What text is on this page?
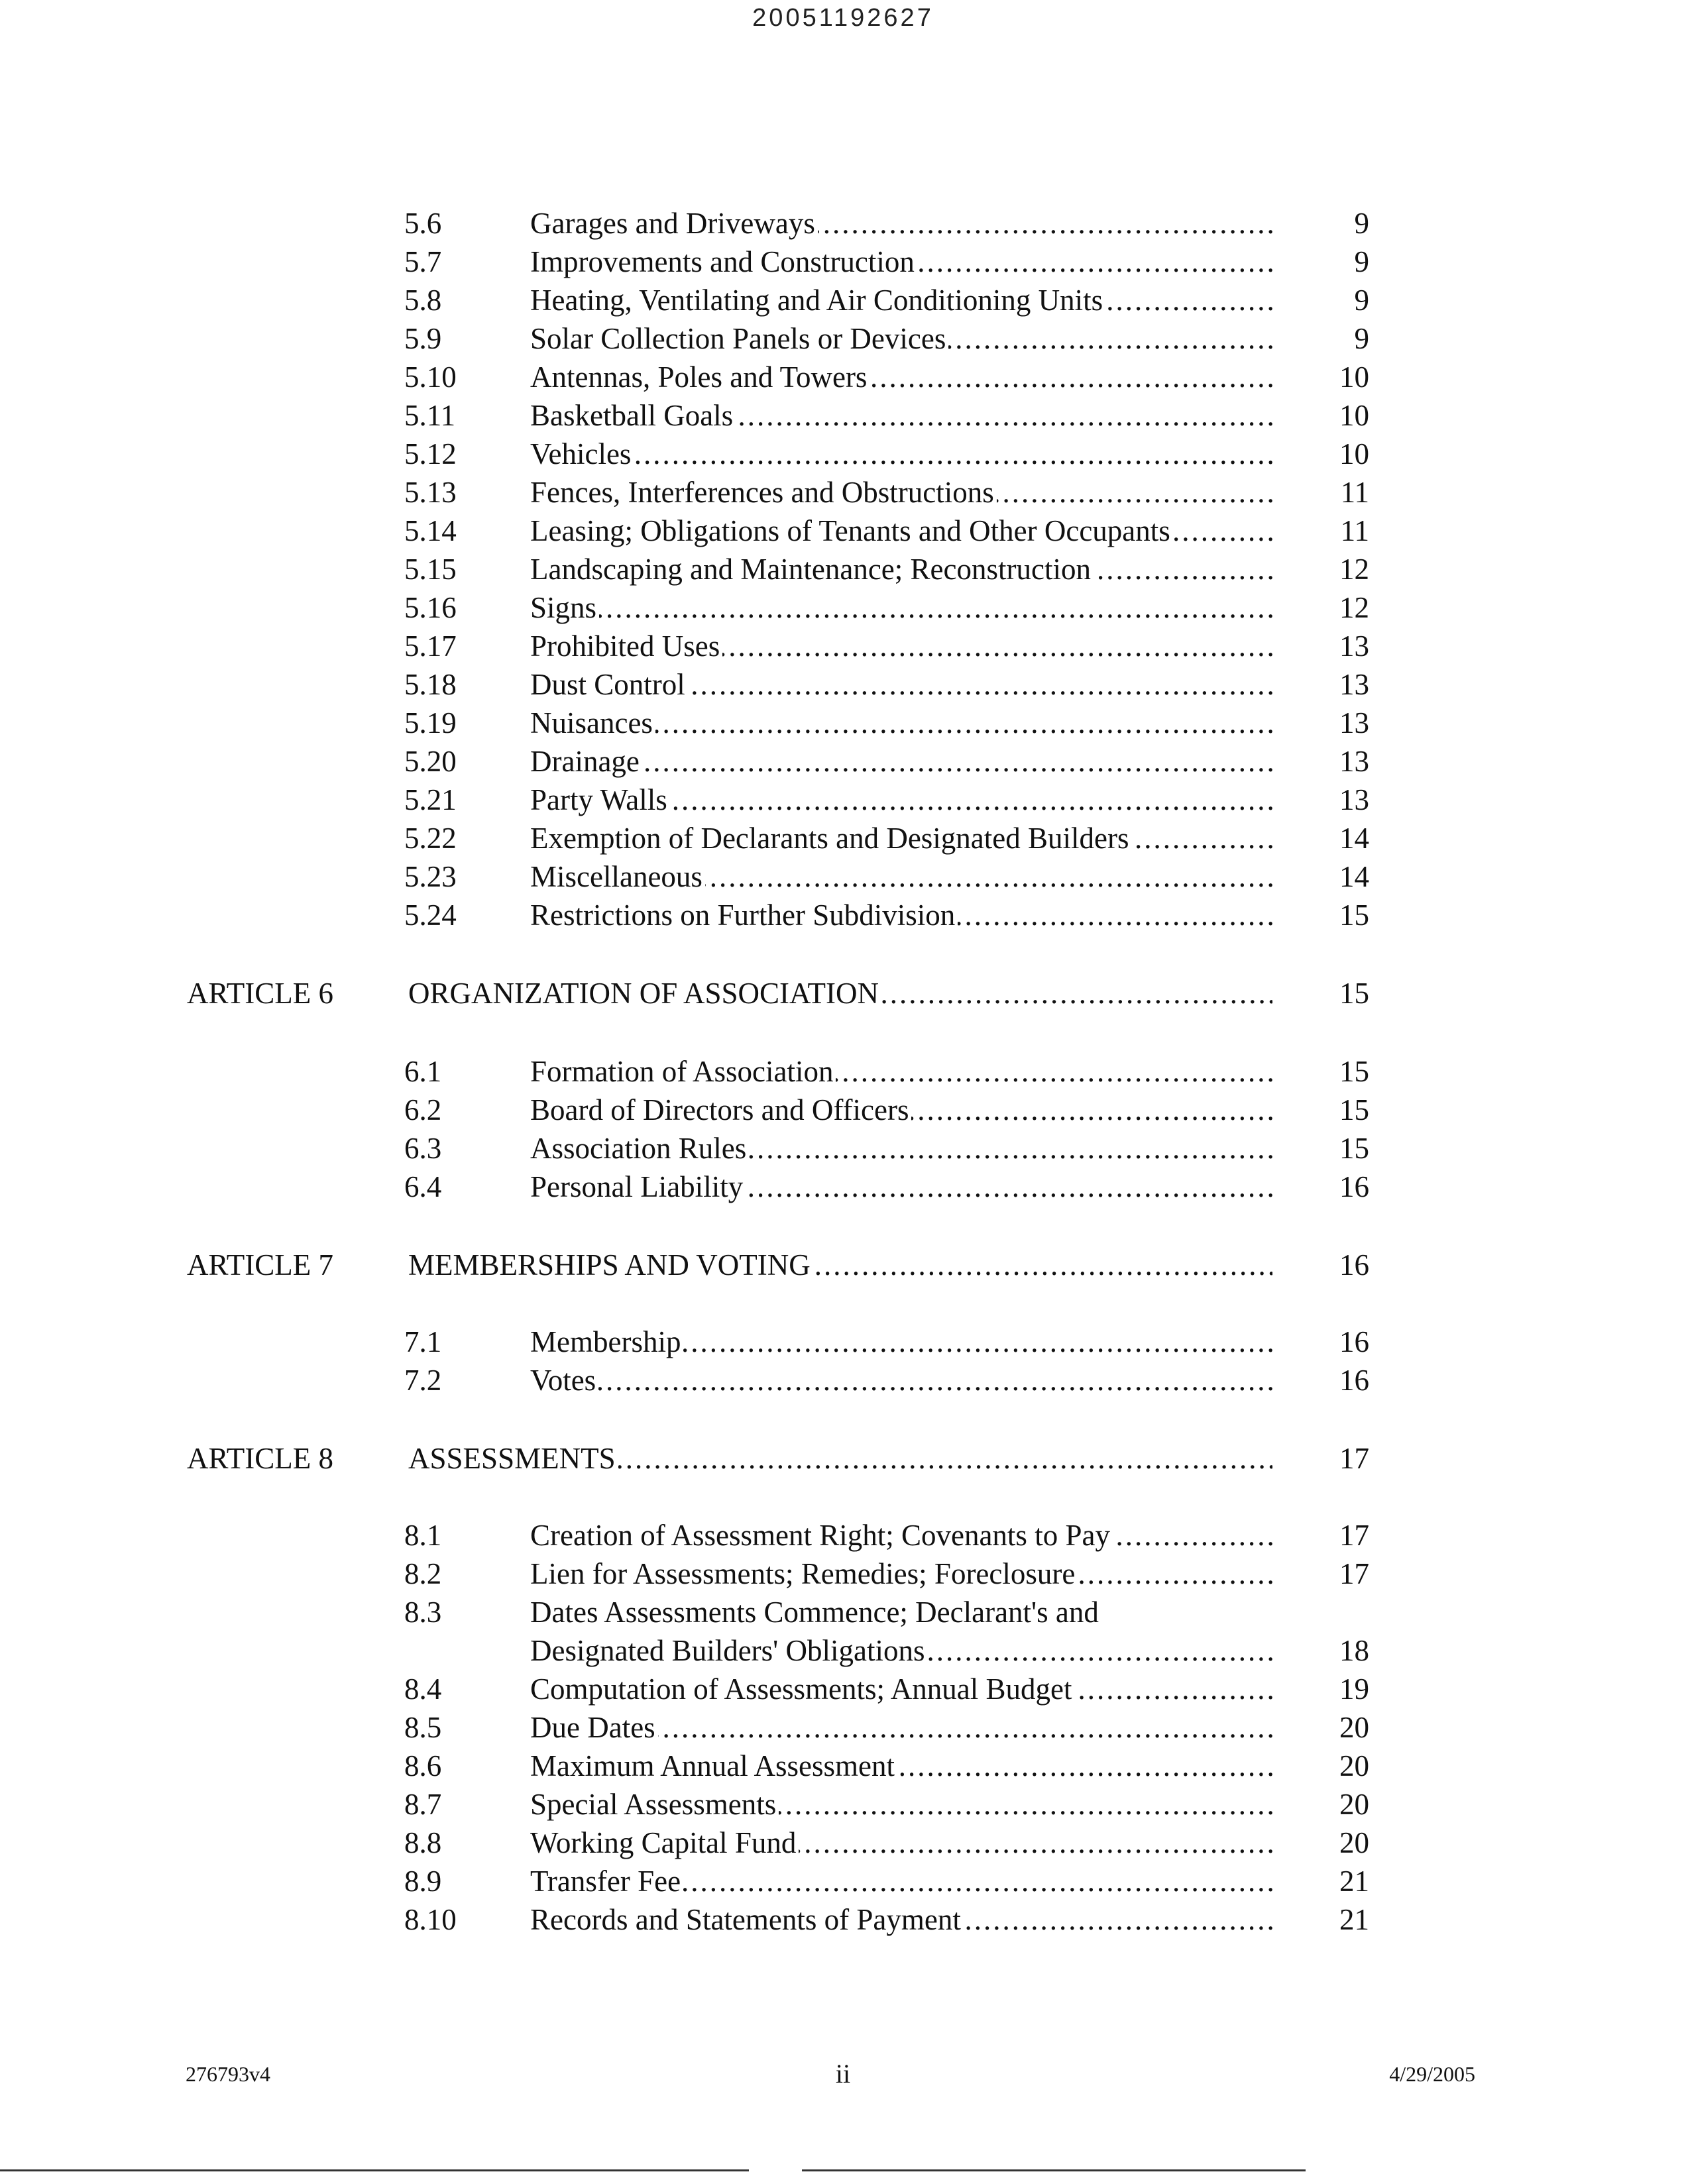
20051192627
5.6	Garages and Driveways .....	9
5.7	Improvements and Construction .....	9
5.8	Heating, Ventilating and Air Conditioning Units .....	9
5.9	Solar Collection Panels or Devices .....	9
5.10 Antennas, Poles and Towers .....	10
5.11	Basketball Goals .....	10
5.12 Vehicles .....	10
5.13 Fences, Interferences and Obstructions .....	11
5.14 Leasing; Obligations of Tenants and Other Occupants .....	11
5.15 Landscaping and Maintenance; Reconstruction .....	12
5.16 Signs .....	12
5.17 Prohibited Uses .....	13
5.18 Dust Control .....	13
5.19 Nuisances .....	13
5.20 Drainage .....	13
5.21 Party Walls .....	13
5.22 Exemption of Declarants and Designated Builders .....	14
5.23 Miscellaneous .....	14
5.24 Restrictions on Further Subdivision .....	15
ARTICLE 6	ORGANIZATION OF ASSOCIATION .....	15
6.1	Formation of Association .....	15
6.2	Board of Directors and Officers .....	15
6.3	Association Rules .....	15
6.4	Personal Liability .....	16
ARTICLE 7	MEMBERSHIPS AND VOTING .....	16
7.1	Membership .....	16
7.2	Votes .....	16
ARTICLE 8	ASSESSMENTS .....	17
8.1	Creation of Assessment Right; Covenants to Pay .....	17
8.2	Lien for Assessments; Remedies; Foreclosure .....	17
8.3	Dates Assessments Commence; Declarant's and
Designated Builders' Obligations .....	18
8.4	Computation of Assessments; Annual Budget .....	19
8.5	Due Dates .....	20
8.6	Maximum Annual Assessment .....	20
8.7	Special Assessments .....	20
8.8	Working Capital Fund .....	20
8.9	Transfer Fee .....	21
8.10 Records and Statements of Payment .....	21
276793v4	ii	4/29/2005
